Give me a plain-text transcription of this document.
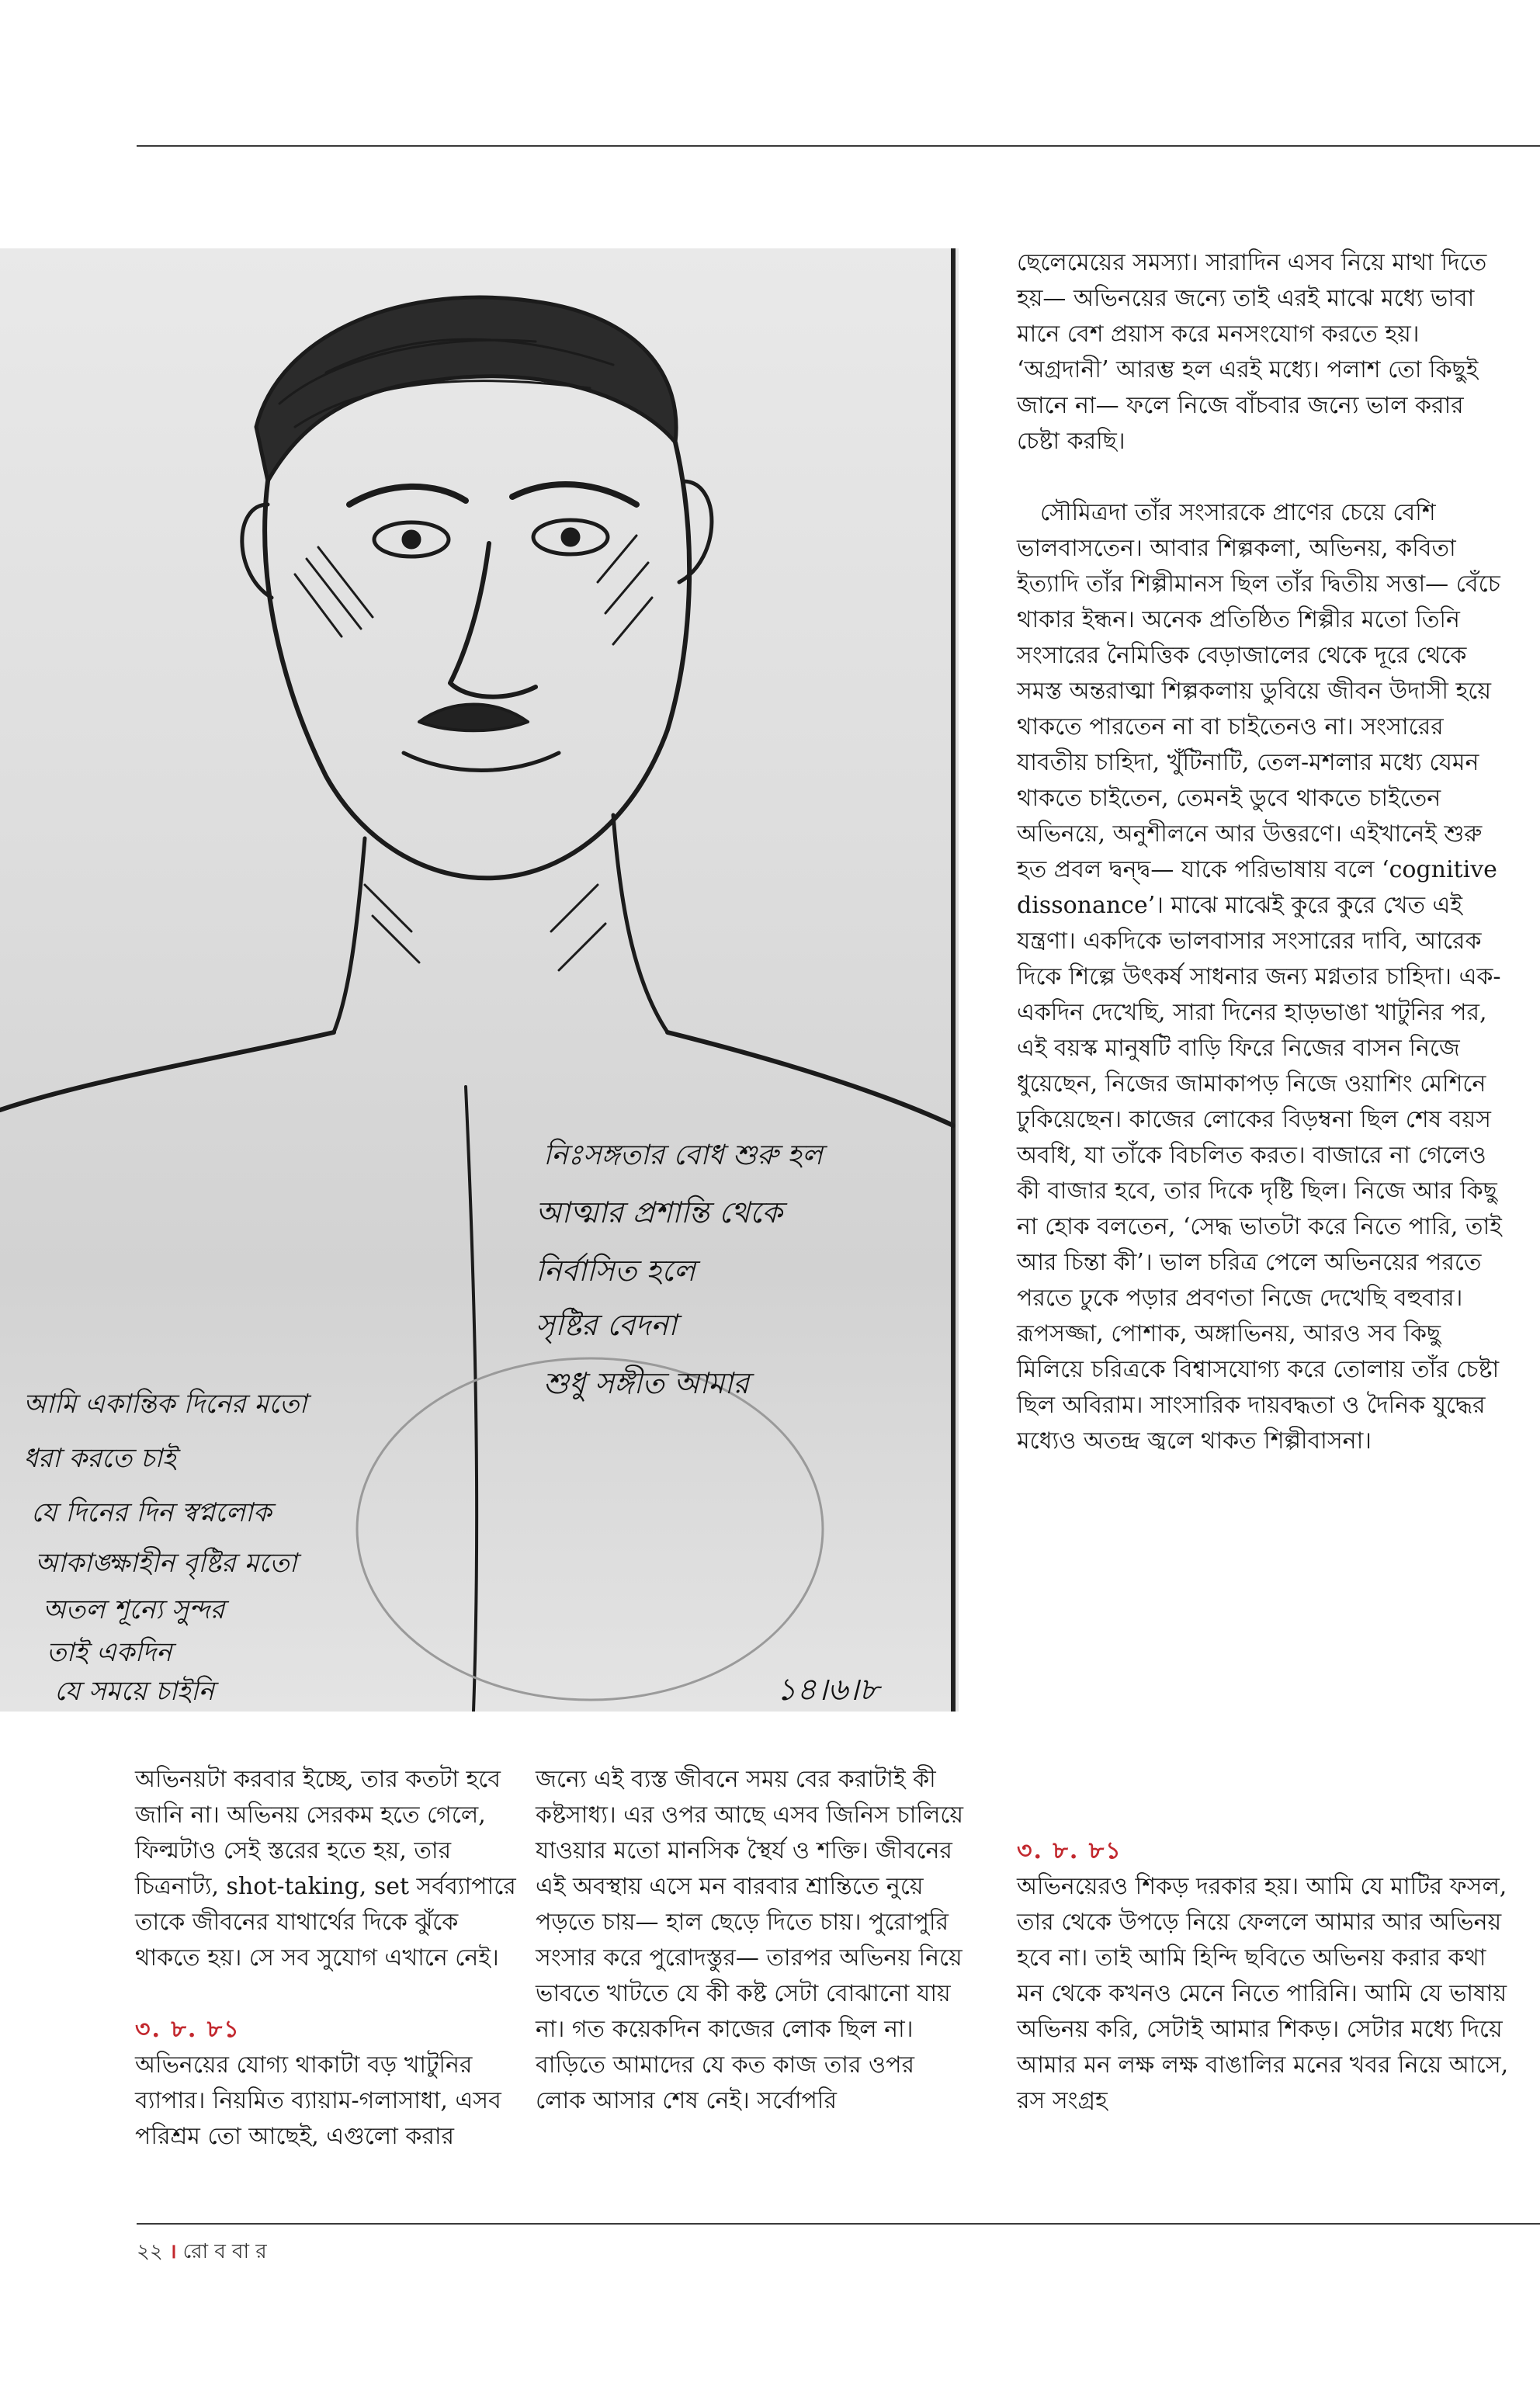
নিঃসঙ্গতার বোধ শুরু হল
আত্মার প্রশান্তি থেকে
নির্বাসিত হলে
সৃষ্টির বেদনা
শুধু সঙ্গীত আমার
আমি একান্তিক দিনের মতো
ধরা করতে চাই
যে দিনের দিন স্বপ্নলোক
আকাঙ্ক্ষাহীন বৃষ্টির মতো
অতল শূন্যে সুন্দর
তাই একদিন
যে সময়ে চাইনি	১৪।৬।৮

ছেলেমেয়ের সমস্যা। সারাদিন এসব নিয়ে মাথা দিতে হয়— অভিনয়ের জন্যে তাই এরই মাঝে মধ্যে ভাবা মানে বেশ প্রয়াস করে মনসংযোগ করতে হয়। ‘অগ্রদানী’ আরম্ভ হল এরই মধ্যে। পলাশ তো কিছুই জানে না— ফলে নিজে বাঁচবার জন্যে ভাল করার চেষ্টা করছি।

সৌমিত্রদা তাঁর সংসারকে প্রাণের চেয়ে বেশি ভালবাসতেন। আবার শিল্পকলা, অভিনয়, কবিতা ইত্যাদি তাঁর শিল্পীমানস ছিল তাঁর দ্বিতীয় সত্তা— বেঁচে থাকার ইন্ধন। অনেক প্রতিষ্ঠিত শিল্পীর মতো তিনি সংসারের নৈমিত্তিক বেড়াজালের থেকে দূরে থেকে সমস্ত অন্তরাত্মা শিল্পকলায় ডুবিয়ে জীবন উদাসী হয়ে থাকতে পারতেন না বা চাইতেনও না। সংসারের যাবতীয় চাহিদা, খুঁটিনাটি, তেল-মশলার মধ্যে যেমন থাকতে চাইতেন, তেমনই ডুবে থাকতে চাইতেন অভিনয়ে, অনুশীলনে আর উত্তরণে। এইখানেই শুরু হত প্রবল দ্বন্দ্ব— যাকে পরিভাষায় বলে ‘cognitive dissonance’। মাঝে মাঝেই কুরে কুরে খেত এই যন্ত্রণা। একদিকে ভালবাসার সংসারের দাবি, আরেক দিকে শিল্পে উৎকর্ষ সাধনার জন্য মগ্নতার চাহিদা। এক-একদিন দেখেছি, সারা দিনের হাড়ভাঙা খাটুনির পর, এই বয়স্ক মানুষটি বাড়ি ফিরে নিজের বাসন নিজে ধুয়েছেন, নিজের জামাকাপড় নিজে ওয়াশিং মেশিনে ঢুকিয়েছেন। কাজের লোকের বিড়ম্বনা ছিল শেষ বয়স অবধি, যা তাঁকে বিচলিত করত। বাজারে না গেলেও কী বাজার হবে, তার দিকে দৃষ্টি ছিল। নিজে আর কিছু না হোক বলতেন, ‘সেদ্ধ ভাতটা করে নিতে পারি, তাই আর চিন্তা কী’। ভাল চরিত্র পেলে অভিনয়ের পরতে পরতে ঢুকে পড়ার প্রবণতা নিজে দেখেছি বহুবার। রূপসজ্জা, পোশাক, অঙ্গাভিনয়, আরও সব কিছু মিলিয়ে চরিত্রকে বিশ্বাসযোগ্য করে তোলায় তাঁর চেষ্টা ছিল অবিরাম। সাংসারিক দায়বদ্ধতা ও দৈনিক যুদ্ধের মধ্যেও অতন্দ্র জ্বলে থাকত শিল্পীবাসনা।

অভিনয়টা করবার ইচ্ছে, তার কতটা হবে জানি না। অভিনয় সেরকম হতে গেলে, ফিল্মটাও সেই স্তরের হতে হয়, তার চিত্রনাট্য, shot-taking, set সর্বব্যাপারে তাকে জীবনের যাথার্থের দিকে ঝুঁকে থাকতে হয়। সে সব সুযোগ এখানে নেই।

৩. ৮. ৮১

অভিনয়ের যোগ্য থাকাটা বড় খাটুনির ব্যাপার। নিয়মিত ব্যায়াম-গলাসাধা, এসব পরিশ্রম তো আছেই, এগুলো করার

জন্যে এই ব্যস্ত জীবনে সময় বের করাটাই কী কষ্টসাধ্য। এর ওপর আছে এসব জিনিস চালিয়ে যাওয়ার মতো মানসিক স্থৈর্য ও শক্তি। জীবনের এই অবস্থায় এসে মন বারবার শ্রান্তিতে নুয়ে পড়তে চায়— হাল ছেড়ে দিতে চায়। পুরোপুরি সংসার করে পুরোদস্তুর— তারপর অভিনয় নিয়ে ভাবতে খাটতে যে কী কষ্ট সেটা বোঝানো যায় না। গত কয়েকদিন কাজের লোক ছিল না। বাড়িতে আমাদের যে কত কাজ তার ওপর লোক আসার শেষ নেই। সর্বোপরি

৩. ৮. ৮১

অভিনয়েরও শিকড় দরকার হয়। আমি যে মাটির ফসল, তার থেকে উপড়ে নিয়ে ফেললে আমার আর অভিনয় হবে না। তাই আমি হিন্দি ছবিতে অভিনয় করার কথা মন থেকে কখনও মেনে নিতে পারিনি। আমি যে ভাষায় অভিনয় করি, সেটাই আমার শিকড়। সেটার মধ্যে দিয়ে আমার মন লক্ষ লক্ষ বাঙালির মনের খবর নিয়ে আসে, রস সংগ্রহ

২২ । রো ব বা র
